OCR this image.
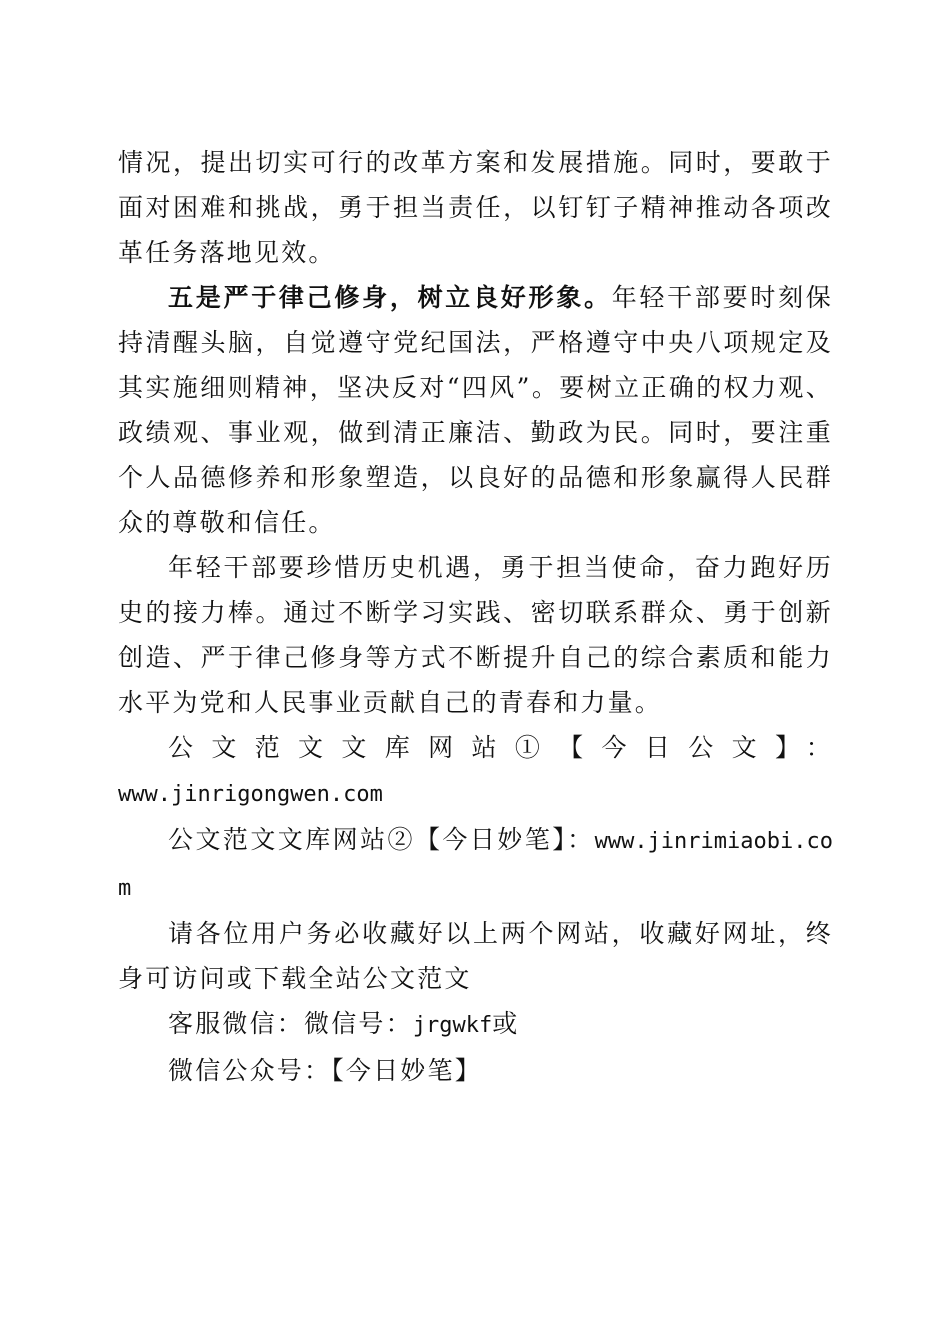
情况，提出切实可行的改革方案和发展措施。同时，要敢于面对困难和挑战，勇于担当责任，以钉钉子精神推动各项改革任务落地见效。

五是严于律己修身，树立良好形象。年轻干部要时刻保持清醒头脑，自觉遵守党纪国法，严格遵守中央八项规定及其实施细则精神，坚决反对“四风”。要树立正确的权力观、政绩观、事业观，做到清正廉洁、勤政为民。同时，要注重个人品德修养和形象塑造，以良好的品德和形象赢得人民群众的尊敬和信任。

年轻干部要珍惜历史机遇，勇于担当使命，奋力跑好历史的接力棒。通过不断学习实践、密切联系群众、勇于创新创造、严于律己修身等方式不断提升自己的综合素质和能力水平为党和人民事业贡献自己的青春和力量。

公文范文文库网站①【今日公文】：

www.jinrigongwen.com

公文范文文库网站②【今日妙笔】：www.jinrimiaobi.com

请各位用户务必收藏好以上两个网站，收藏好网址，终身可访问或下载全站公文范文

客服微信：微信号：jrgwkf或

微信公众号：【今日妙笔】
